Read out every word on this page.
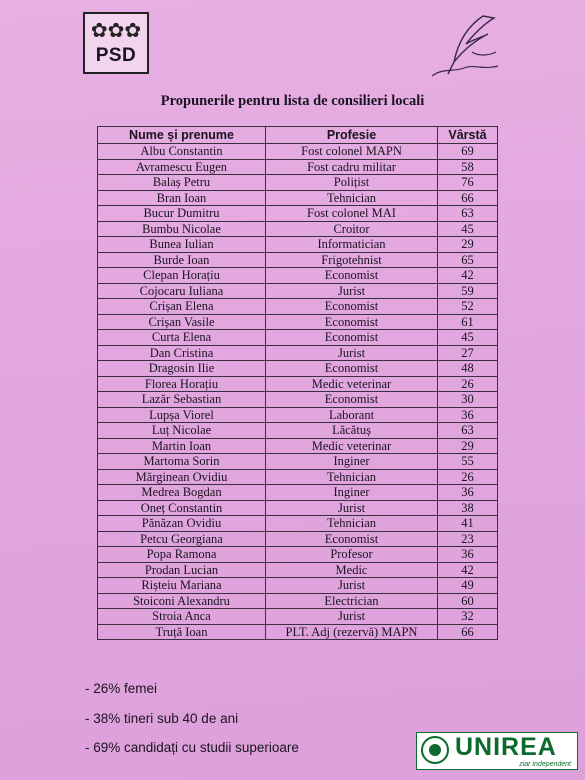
✿✿✿
PSD
Propunerile pentru lista de consilieri locali
Nume și prenume	Profesie	Vârstă
Albu Constantin	Fost colonel MAPN	69
Avramescu Eugen	Fost cadru militar	58
Balaș Petru	Polițist	76
Bran Ioan	Tehnician	66
Bucur Dumitru	Fost colonel MAI	63
Bumbu Nicolae	Croitor	45
Bunea Iulian	Informatician	29
Burde Ioan	Frigotehnist	65
Clepan Horațiu	Economist	42
Cojocaru Iuliana	Jurist	59
Crișan Elena	Economist	52
Crișan Vasile	Economist	61
Curta Elena	Economist	45
Dan Cristina	Jurist	27
Dragosin Ilie	Economist	48
Florea Horațiu	Medic veterinar	26
Lazăr Sebastian	Economist	30
Lupșa Viorel	Laborant	36
Luț Nicolae	Lăcătuș	63
Martin Ioan	Medic veterinar	29
Martoma Sorin	Inginer	55
Mărginean Ovidiu	Tehnician	26
Medrea Bogdan	Inginer	36
Oneț Constantin	Jurist	38
Pănăzan Ovidiu	Tehnician	41
Petcu Georgiana	Economist	23
Popa Ramona	Profesor	36
Prodan Lucian	Medic	42
Rișteiu Mariana	Jurist	49
Stoiconi Alexandru	Electrician	60
Stroia Anca	Jurist	32
Truță Ioan	PLT. Adj (rezervă) MAPN	66
- 26% femei
- 38% tineri sub 40 de ani
- 69% candidați cu studii superioare	UNIREA
ziar independent
